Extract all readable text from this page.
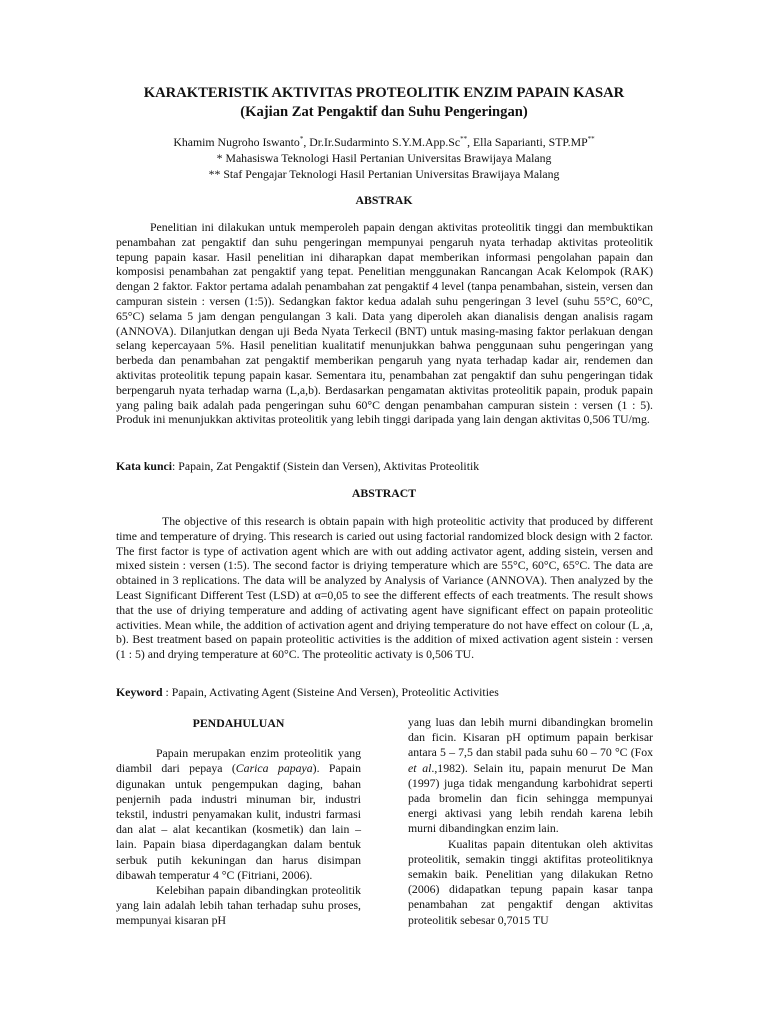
KARAKTERISTIK AKTIVITAS PROTEOLITIK ENZIM PAPAIN KASAR
(Kajian Zat Pengaktif dan Suhu Pengeringan)
Khamim Nugroho Iswanto*, Dr.Ir.Sudarminto S.Y.M.App.Sc**, Ella Saparianti, STP.MP**
* Mahasiswa Teknologi Hasil Pertanian Universitas Brawijaya Malang
** Staf Pengajar Teknologi Hasil Pertanian Universitas Brawijaya Malang
ABSTRAK

Penelitian ini dilakukan untuk memperoleh papain dengan aktivitas proteolitik tinggi dan membuktikan penambahan zat pengaktif dan suhu pengeringan mempunyai pengaruh nyata terhadap aktivitas proteolitik tepung papain kasar. Hasil penelitian ini diharapkan dapat memberikan informasi pengolahan papain dan komposisi penambahan zat pengaktif yang tepat. Penelitian menggunakan Rancangan Acak Kelompok (RAK) dengan 2 faktor. Faktor pertama adalah penambahan zat pengaktif 4 level (tanpa penambahan, sistein, versen dan campuran sistein : versen (1:5)). Sedangkan faktor kedua adalah suhu pengeringan 3 level (suhu 55°C, 60°C, 65°C) selama 5 jam dengan pengulangan 3 kali. Data yang diperoleh akan dianalisis dengan analisis ragam (ANNOVA). Dilanjutkan dengan uji Beda Nyata Terkecil (BNT) untuk masing-masing faktor perlakuan dengan selang kepercayaan 5%. Hasil penelitian kualitatif menunjukkan bahwa penggunaan suhu pengeringan yang berbeda dan penambahan zat pengaktif memberikan pengaruh yang nyata terhadap kadar air, rendemen dan aktivitas proteolitik tepung papain kasar. Sementara itu, penambahan zat pengaktif dan suhu pengeringan tidak berpengaruh nyata terhadap warna (L,a,b). Berdasarkan pengamatan aktivitas proteolitik papain, produk papain yang paling baik adalah pada pengeringan suhu 60°C dengan penambahan campuran sistein : versen (1 : 5). Produk ini menunjukkan aktivitas proteolitik yang lebih tinggi daripada yang lain dengan aktivitas 0,506 TU/mg.

Kata kunci: Papain, Zat Pengaktif (Sistein dan Versen), Aktivitas Proteolitik
ABSTRACT

The objective of this research is obtain papain with high proteolitic activity that produced by different time and temperature of drying. This research is caried out using factorial randomized block design with 2 factor. The first factor is type of activation agent which are with out adding activator agent, adding sistein, versen and mixed sistein : versen (1:5). The second factor is driying temperature which are 55°C, 60°C, 65°C. The data are obtained in 3 replications. The data will be analyzed by Analysis of Variance (ANNOVA). Then analyzed by the Least Significant Different Test (LSD) at α=0,05 to see the different effects of each treatments. The result shows that the use of driying temperature and adding of activating agent have significant effect on papain proteolitic activities. Mean while, the addition of activation agent and driying temperature do not have effect on colour (L ,a, b). Best treatment based on papain proteolitic activities is the addition of mixed activation agent sistein : versen (1 : 5) and drying temperature at 60°C. The proteolitic activaty is 0,506 TU.

Keyword : Papain, Activating Agent (Sisteine And Versen), Proteolitic Activities
PENDAHULUAN

Papain merupakan enzim proteolitik yang diambil dari pepaya (Carica papaya). Papain digunakan untuk pengempukan daging, bahan penjernih pada industri minuman bir, industri tekstil, industri penyamakan kulit, industri farmasi dan alat – alat kecantikan (kosmetik) dan lain – lain. Papain biasa diperdagangkan dalam bentuk serbuk putih kekuningan dan harus disimpan dibawah temperatur 4 °C (Fitriani, 2006).

Kelebihan papain dibandingkan proteolitik yang lain adalah lebih tahan terhadap suhu proses, mempunyai kisaran pH

yang luas dan lebih murni dibandingkan bromelin dan ficin. Kisaran pH optimum papain berkisar antara 5 – 7,5 dan stabil pada suhu 60 – 70 °C (Fox et al.,1982). Selain itu, papain menurut De Man (1997) juga tidak mengandung karbohidrat seperti pada bromelin dan ficin sehingga mempunyai energi aktivasi yang lebih rendah karena lebih murni dibandingkan enzim lain.

Kualitas papain ditentukan oleh aktivitas proteolitik, semakin tinggi aktifitas proteolitiknya semakin baik. Penelitian yang dilakukan Retno (2006) didapatkan tepung papain kasar tanpa penambahan zat pengaktif dengan aktivitas proteolitik sebesar 0,7015 TU
